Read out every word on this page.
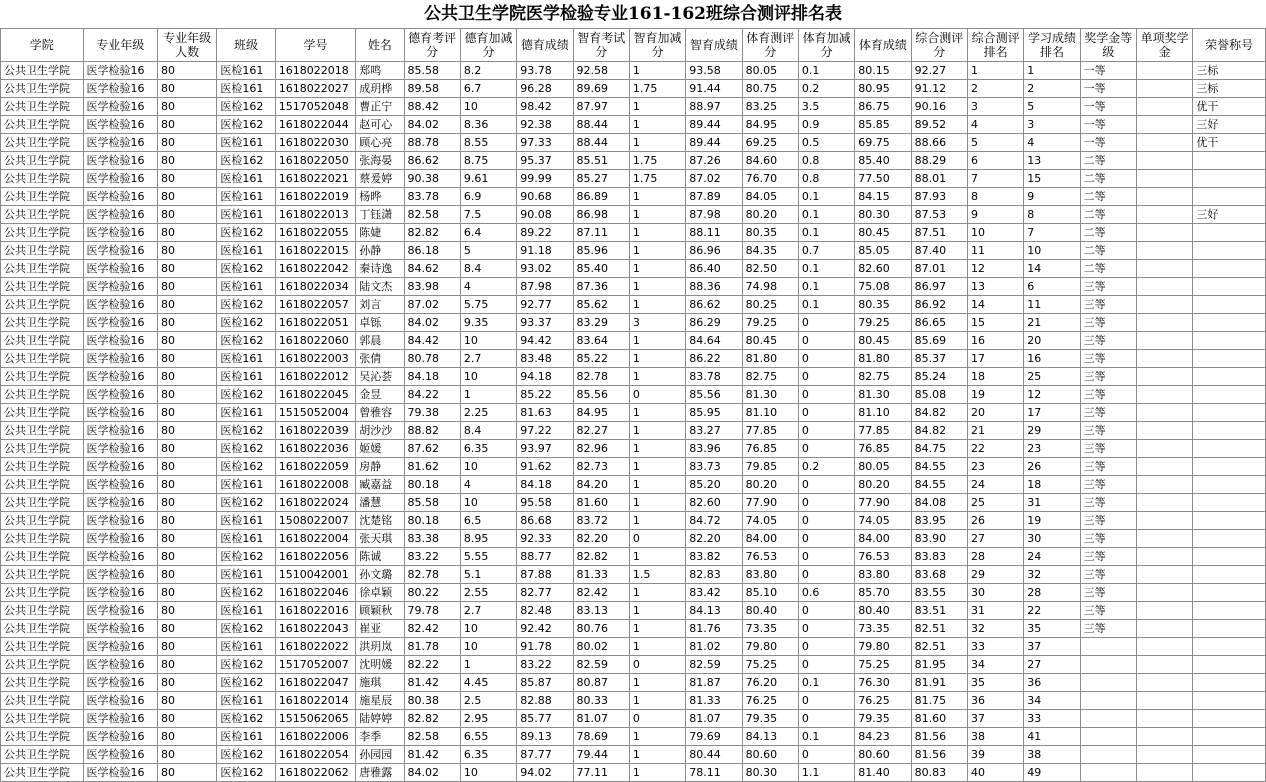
公共卫生学院医学检验专业161-162班综合测评排名表
学院	专业年级	专业年级人数	班级	学号	姓名	德育考评分	德育加减分	德育成绩	智育考试分	智育加减分	智育成绩	体育测评分	体育加减分	体育成绩	综合测评分	综合测评排名	学习成绩排名	奖学金等级	单项奖学金	荣誉称号
公共卫生学院	医学检验16	80	医检161	1618022018	郑鸣	85.58	8.2	93.78	92.58	1	93.58	80.05	0.1	80.15	92.27	1	1	一等		三标
公共卫生学院	医学检验16	80	医检161	1618022027	成玥桦	89.58	6.7	96.28	89.69	1.75	91.44	80.75	0.2	80.95	91.12	2	2	一等		三标
公共卫生学院	医学检验16	80	医检162	1517052048	曹正宁	88.42	10	98.42	87.97	1	88.97	83.25	3.5	86.75	90.16	3	5	一等		优干
公共卫生学院	医学检验16	80	医检162	1618022044	赵可心	84.02	8.36	92.38	88.44	1	89.44	84.95	0.9	85.85	89.52	4	3	一等		三好
公共卫生学院	医学检验16	80	医检161	1618022030	顾心亮	88.78	8.55	97.33	88.44	1	89.44	69.25	0.5	69.75	88.66	5	4	一等		优干
公共卫生学院	医学检验16	80	医检162	1618022050	张海晏	86.62	8.75	95.37	85.51	1.75	87.26	84.60	0.8	85.40	88.29	6	13	二等		
公共卫生学院	医学检验16	80	医检161	1618022021	蔡爰婷	90.38	9.61	99.99	85.27	1.75	87.02	76.70	0.8	77.50	88.01	7	15	二等		
公共卫生学院	医学检验16	80	医检161	1618022019	杨晔	83.78	6.9	90.68	86.89	1	87.89	84.05	0.1	84.15	87.93	8	9	二等		
公共卫生学院	医学检验16	80	医检161	1618022013	丁钰潇	82.58	7.5	90.08	86.98	1	87.98	80.20	0.1	80.30	87.53	9	8	二等		三好
公共卫生学院	医学检验16	80	医检162	1618022055	陈婕	82.82	6.4	89.22	87.11	1	88.11	80.35	0.1	80.45	87.51	10	7	二等		
公共卫生学院	医学检验16	80	医检161	1618022015	孙静	86.18	5	91.18	85.96	1	86.96	84.35	0.7	85.05	87.40	11	10	二等		
公共卫生学院	医学检验16	80	医检162	1618022042	秦诗逸	84.62	8.4	93.02	85.40	1	86.40	82.50	0.1	82.60	87.01	12	14	二等		
公共卫生学院	医学检验16	80	医检161	1618022034	陆文杰	83.98	4	87.98	87.36	1	88.36	74.98	0.1	75.08	86.97	13	6	三等		
公共卫生学院	医学检验16	80	医检162	1618022057	刘言	87.02	5.75	92.77	85.62	1	86.62	80.25	0.1	80.35	86.92	14	11	三等		
公共卫生学院	医学检验16	80	医检162	1618022051	卓铄	84.02	9.35	93.37	83.29	3	86.29	79.25	0	79.25	86.65	15	21	三等		
公共卫生学院	医学检验16	80	医检162	1618022060	郭晨	84.42	10	94.42	83.64	1	84.64	80.45	0	80.45	85.69	16	20	三等		
公共卫生学院	医学检验16	80	医检161	1618022003	张倩	80.78	2.7	83.48	85.22	1	86.22	81.80	0	81.80	85.37	17	16	三等		
公共卫生学院	医学检验16	80	医检161	1618022012	吴沁荟	84.18	10	94.18	82.78	1	83.78	82.75	0	82.75	85.24	18	25	三等		
公共卫生学院	医学检验16	80	医检162	1618022045	金昱	84.22	1	85.22	85.56	0	85.56	81.30	0	81.30	85.08	19	12	三等		
公共卫生学院	医学检验16	80	医检161	1515052004	曾雅容	79.38	2.25	81.63	84.95	1	85.95	81.10	0	81.10	84.82	20	17	三等		
公共卫生学院	医学检验16	80	医检162	1618022039	胡沙沙	88.82	8.4	97.22	82.27	1	83.27	77.85	0	77.85	84.82	21	29	三等		
公共卫生学院	医学检验16	80	医检162	1618022036	姬媛	87.62	6.35	93.97	82.96	1	83.96	76.85	0	76.85	84.75	22	23	三等		
公共卫生学院	医学检验16	80	医检162	1618022059	房静	81.62	10	91.62	82.73	1	83.73	79.85	0.2	80.05	84.55	23	26	三等		
公共卫生学院	医学检验16	80	医检161	1618022008	臧嘉益	80.18	4	84.18	84.20	1	85.20	80.20	0	80.20	84.55	24	18	三等		
公共卫生学院	医学检验16	80	医检162	1618022024	潘慧	85.58	10	95.58	81.60	1	82.60	77.90	0	77.90	84.08	25	31	三等		
公共卫生学院	医学检验16	80	医检161	1508022007	沈楚铭	80.18	6.5	86.68	83.72	1	84.72	74.05	0	74.05	83.95	26	19	三等		
公共卫生学院	医学检验16	80	医检161	1618022004	张天琪	83.38	8.95	92.33	82.20	0	82.20	84.00	0	84.00	83.90	27	30	三等		
公共卫生学院	医学检验16	80	医检162	1618022056	陈诚	83.22	5.55	88.77	82.82	1	83.82	76.53	0	76.53	83.83	28	24	三等		
公共卫生学院	医学检验16	80	医检161	1510042001	孙文璐	82.78	5.1	87.88	81.33	1.5	82.83	83.80	0	83.80	83.68	29	32	三等		
公共卫生学院	医学检验16	80	医检162	1618022046	徐卓颖	80.22	2.55	82.77	82.42	1	83.42	85.10	0.6	85.70	83.55	30	28	三等		
公共卫生学院	医学检验16	80	医检161	1618022016	顾颖秋	79.78	2.7	82.48	83.13	1	84.13	80.40	0	80.40	83.51	31	22	三等		
公共卫生学院	医学检验16	80	医检162	1618022043	崔亚	82.42	10	92.42	80.76	1	81.76	73.35	0	73.35	82.51	32	35	三等		
公共卫生学院	医学检验16	80	医检161	1618022022	洪玥岚	81.78	10	91.78	80.02	1	81.02	79.80	0	79.80	82.51	33	37			
公共卫生学院	医学检验16	80	医检162	1517052007	沈明媛	82.22	1	83.22	82.59	0	82.59	75.25	0	75.25	81.95	34	27			
公共卫生学院	医学检验16	80	医检162	1618022047	施琪	81.42	4.45	85.87	80.87	1	81.87	76.20	0.1	76.30	81.91	35	36			
公共卫生学院	医学检验16	80	医检161	1618022014	施星辰	80.38	2.5	82.88	80.33	1	81.33	76.25	0	76.25	81.75	36	34			
公共卫生学院	医学检验16	80	医检162	1515062065	陆婷婷	82.82	2.95	85.77	81.07	0	81.07	79.35	0	79.35	81.60	37	33			
公共卫生学院	医学检验16	80	医检161	1618022006	李季	82.58	6.55	89.13	78.69	1	79.69	84.13	0.1	84.23	81.56	38	41			
公共卫生学院	医学检验16	80	医检162	1618022054	孙园园	81.42	6.35	87.77	79.44	1	80.44	80.60	0	80.60	81.56	39	38			
公共卫生学院	医学检验16	80	医检162	1618022062	唐雅露	84.02	10	94.02	77.11	1	78.11	80.30	1.1	81.40	80.83	40	49			
